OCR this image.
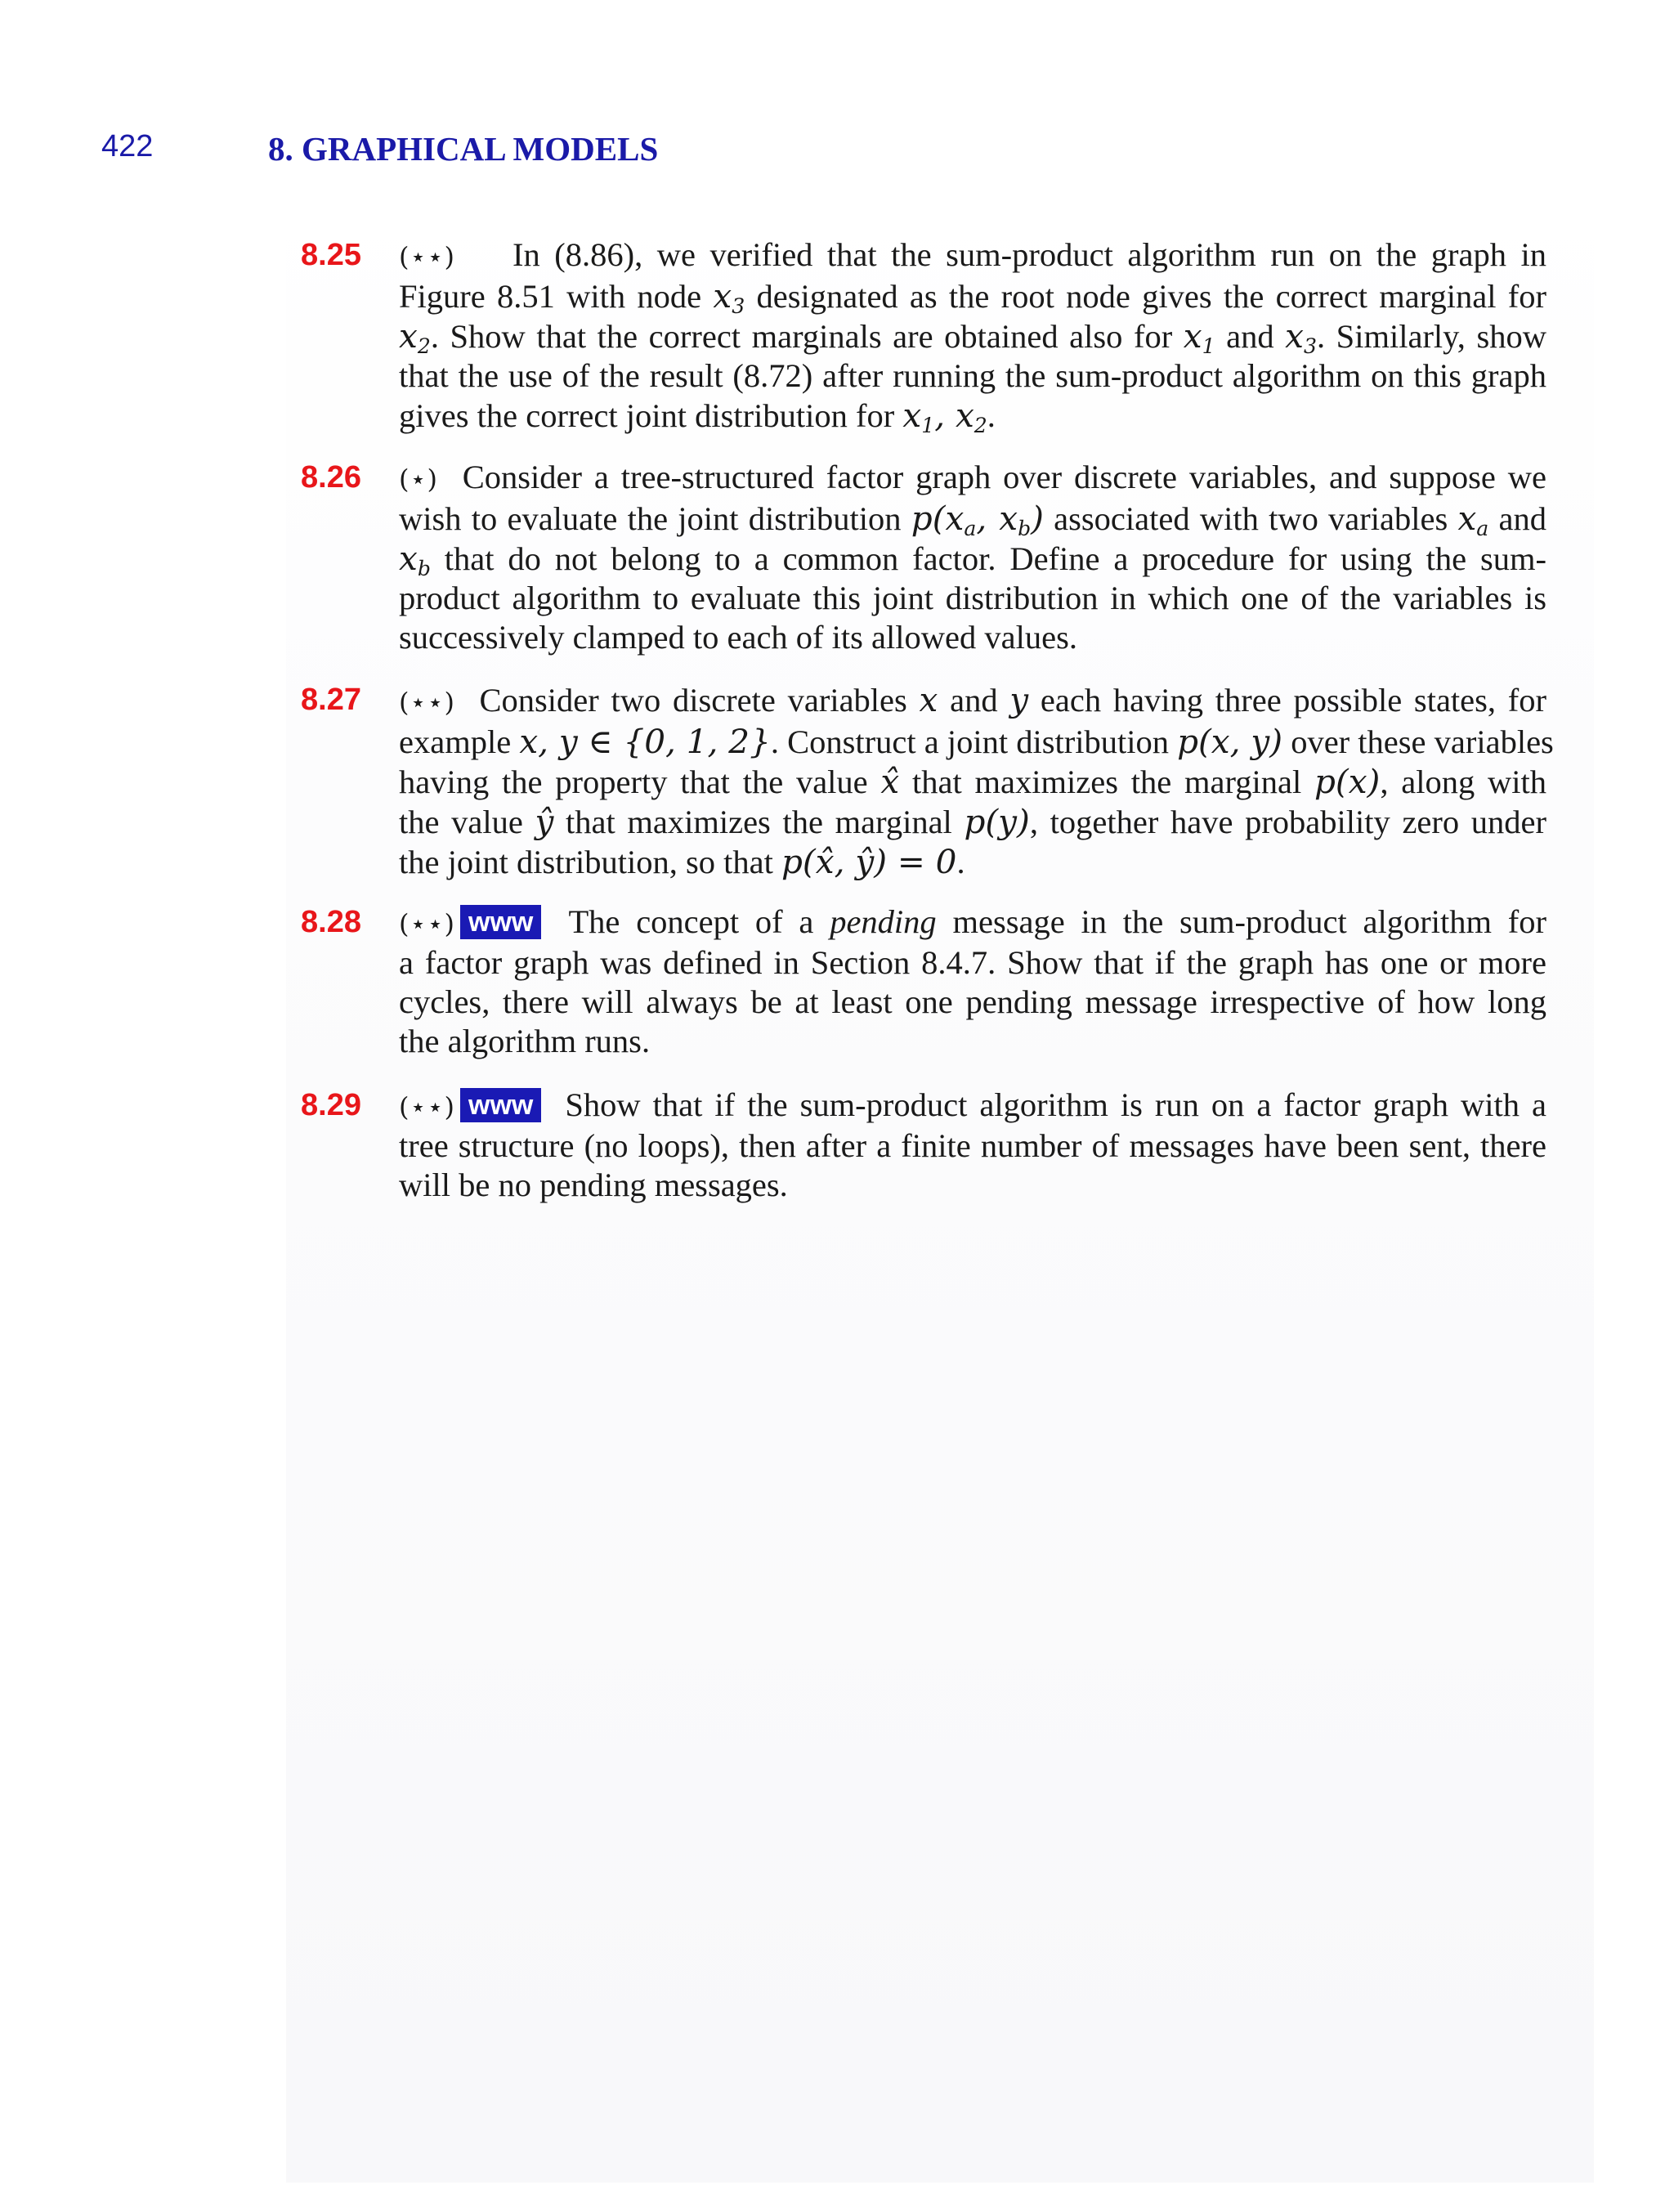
422	8. GRAPHICAL MODELS
8.25 (⋆⋆) In (8.86), we verified that the sum-product algorithm run on the graph in
Figure 8.51 with node $x_3$ designated as the root node gives the correct marginal for
$x_2$. Show that the correct marginals are obtained also for $x_1$ and $x_3$. Similarly, show
that the use of the result (8.72) after running the sum-product algorithm on this graph
gives the correct joint distribution for $x_1$, $x_2$.
8.26 (⋆) Consider a tree-structured factor graph over discrete variables, and suppose we
wish to evaluate the joint distribution $p(x_a$, $x_b$) associated with two variables $x_a$ and
$x_b$ that do not belong to a common factor. Define a procedure for using the sum-
product algorithm to evaluate this joint distribution in which one of the variables is
successively clamped to each of its allowed values.
8.27 (⋆⋆) Consider two discrete variables x and y each having three possible states, for
example x, y ∈ {0, 1, 2}. Construct a joint distribution p(x, y) over these variables
having the property that the value x̂ that maximizes the marginal p(x), along with
the value ŷ that maximizes the marginal p(y), together have probability zero under
the joint distribution, so that p(x̂, ŷ) = 0.
8.28 (⋆⋆) www The concept of a pending message in the sum-product algorithm for
a factor graph was defined in Section 8.4.7. Show that if the graph has one or more
cycles, there will always be at least one pending message irrespective of how long
the algorithm runs.
8.29 (⋆⋆) www Show that if the sum-product algorithm is run on a factor graph with a
tree structure (no loops), then after a finite number of messages have been sent, there
will be no pending messages.
